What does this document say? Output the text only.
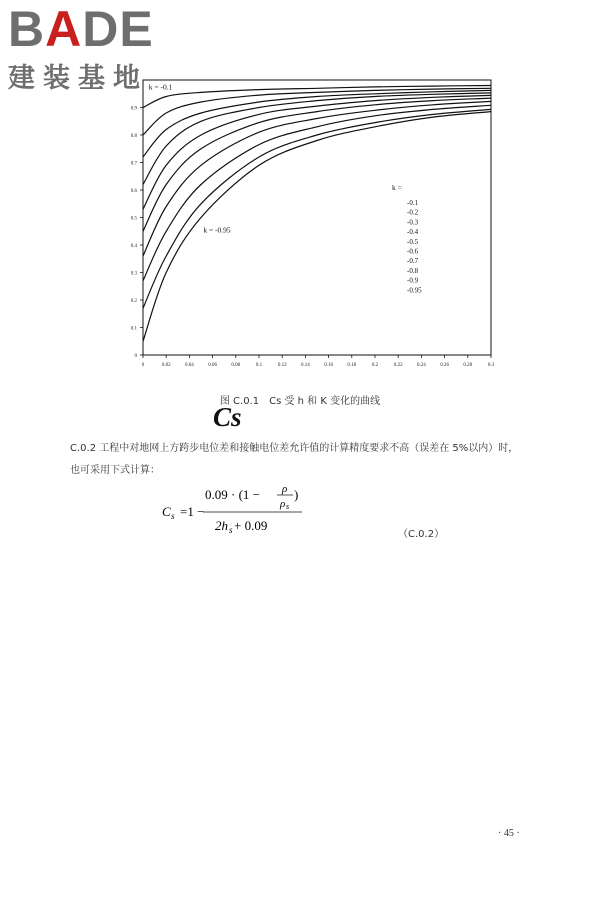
BADE
建装基地
0	0.02	0.04	0.06	0.08	0.1	0.12	0.14	0.16	0.18	0.2	0.22	0.24	0.26	0.28	0.3
0
0.1
0.2
0.3
0.4
0.5
0.6
0.7
0.8
0.9
k =
-0.1
-0.2
-0.3
-0.4
-0.5
-0.6
-0.7
-0.8
-0.9
-0.95
k = -0.1
k = -0.95
图 C.0.1　Cs 受 h 和 K 变化的曲线
Cs
C.0.2 工程中对地网上方跨步电位差和接触电位差允许值的计算精度要求不高（误差在 5%以内）时，
也可采用下式计算：
C s =1 −
0.09 · (1 − ρ
ρ s
)
2h s + 0.09
（C.0.2）
· 45 ·
